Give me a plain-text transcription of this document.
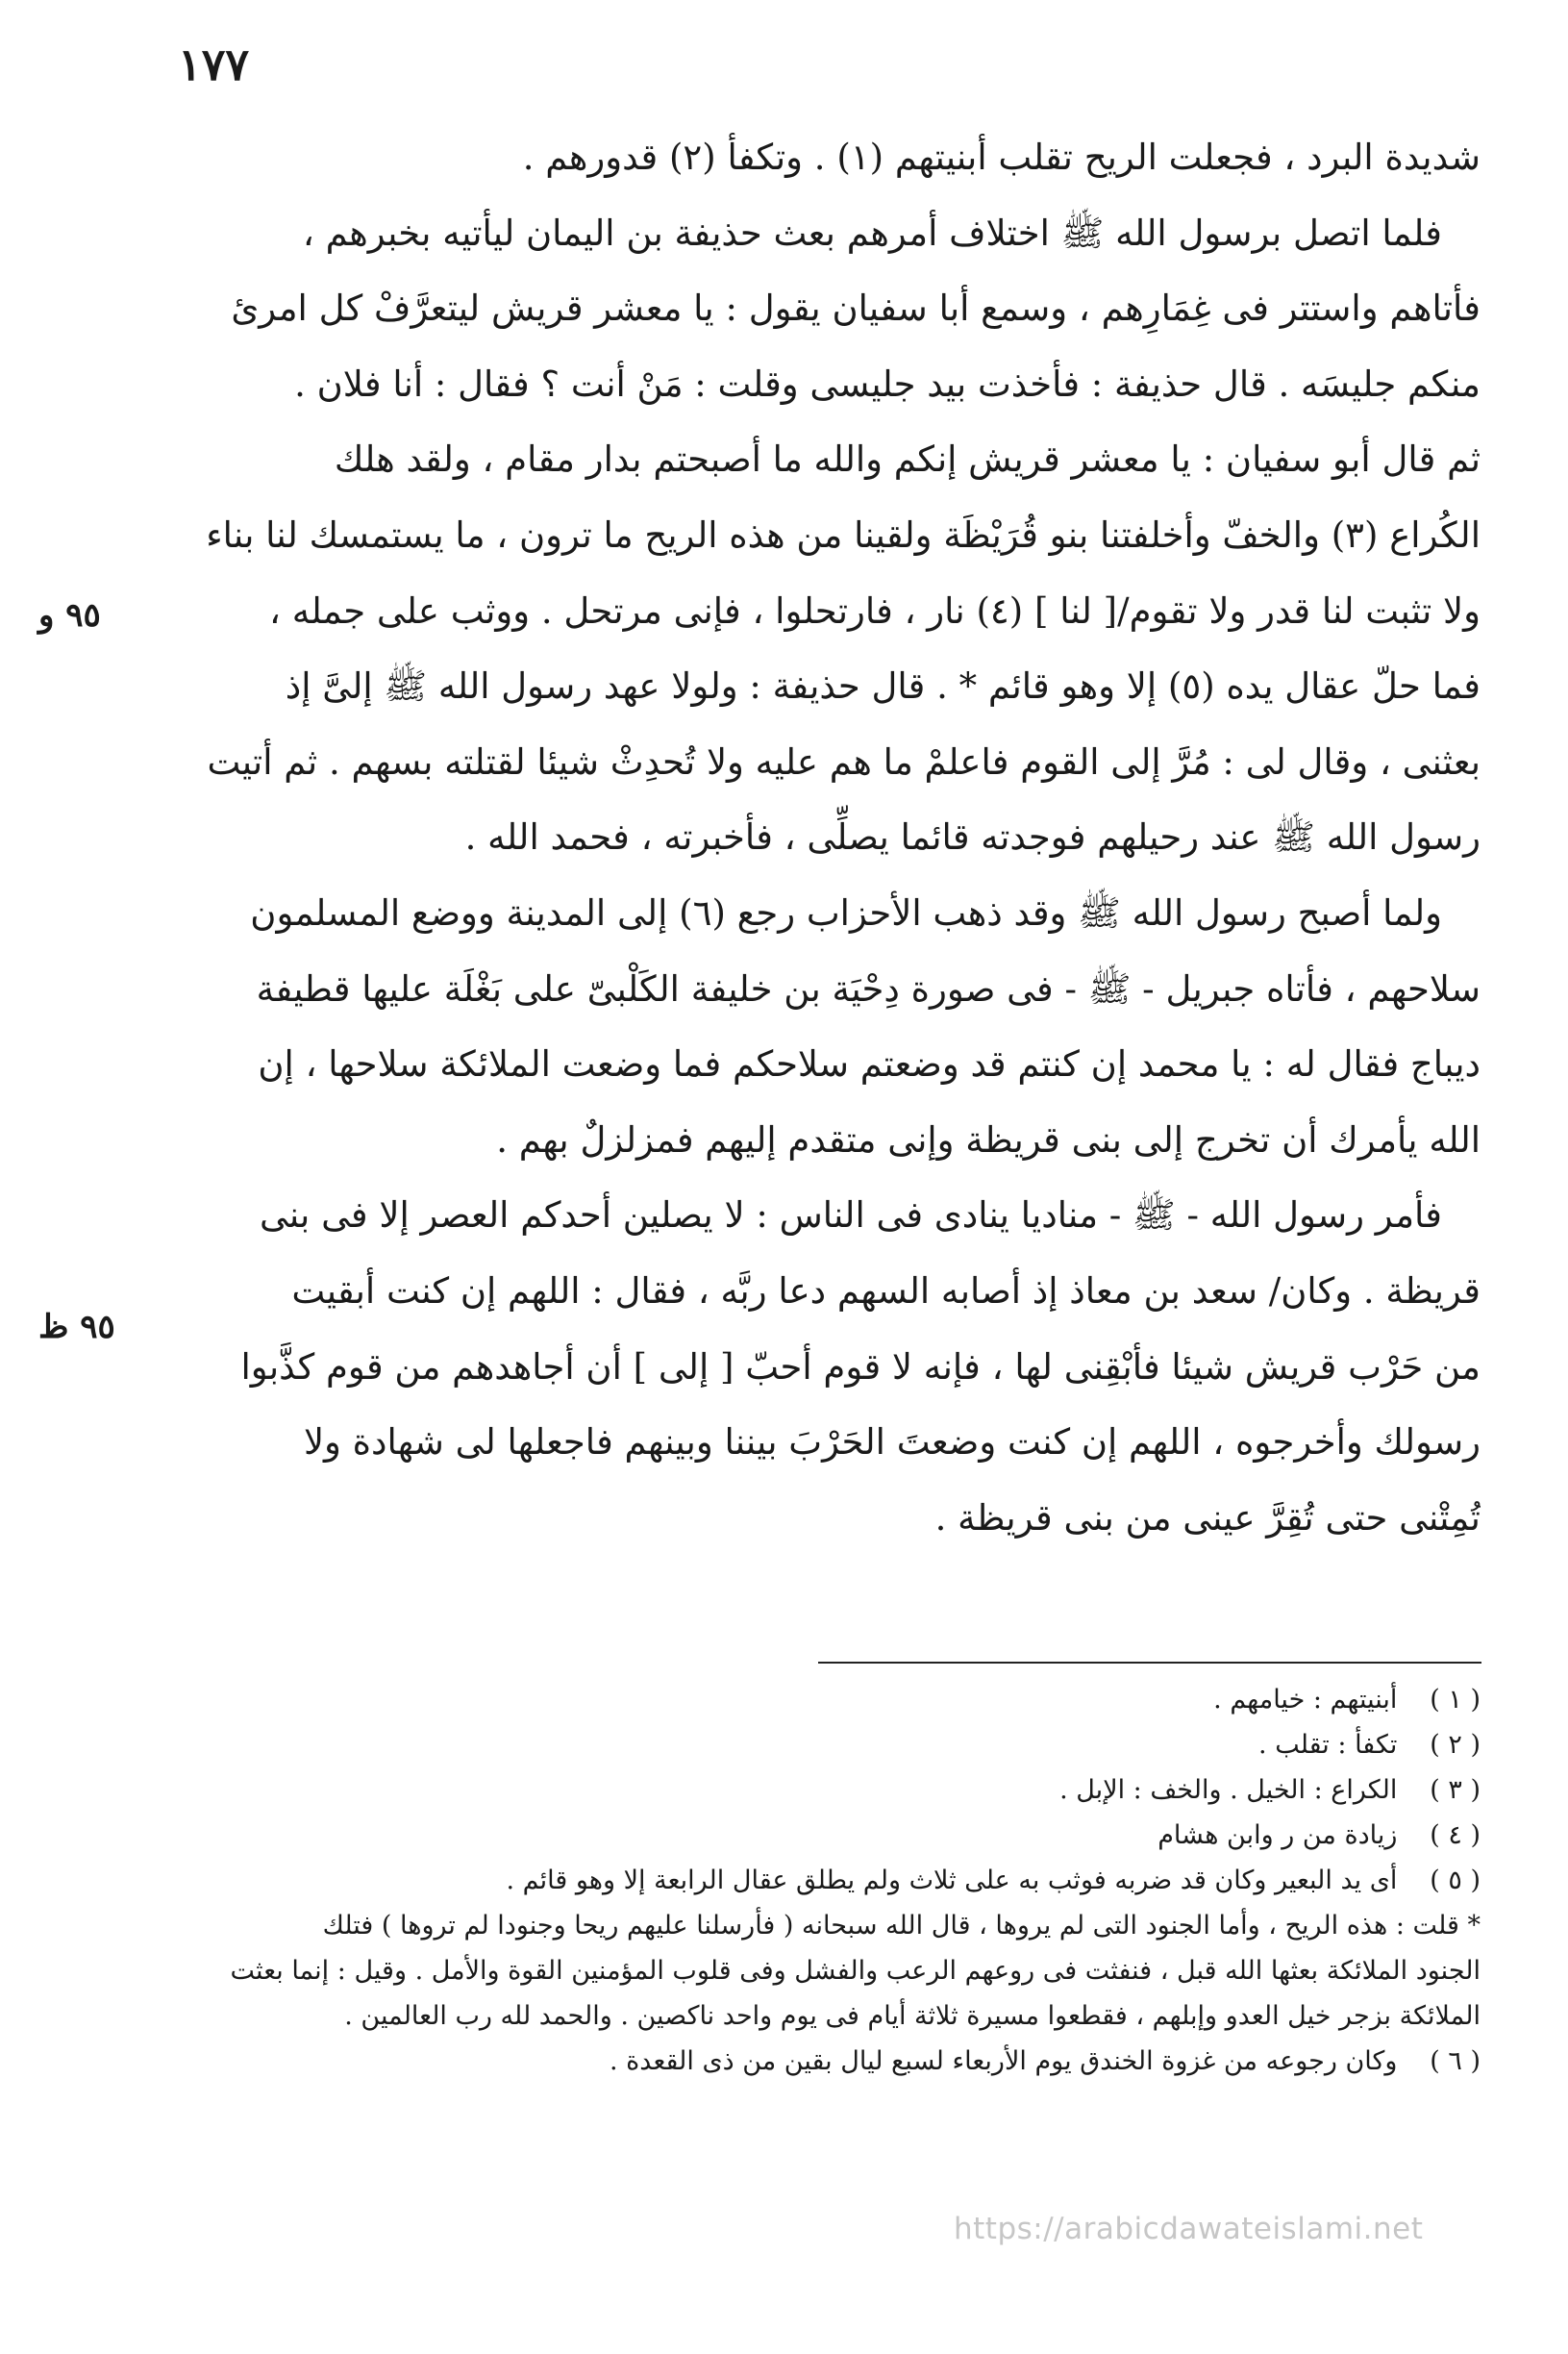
١٧٧
٩٥ و
٩٥ ظ
شديدة البرد ، فجعلت الريح تقلب أبنيتهم (١) . وتكفأ (٢) قدورهم .
فلما اتصل برسول الله ﷺ اختلاف أمرهم بعث حذيفة بن اليمان ليأتيه بخبرهم ،
فأتاهم واستتر فى غِمَارِهم ، وسمع أبا سفيان يقول : يا معشر قريش ليتعرَّفْ كل امرئ
منكم جليسَه . قال حذيفة : فأخذت بيد جليسى وقلت : مَنْ أنت ؟ فقال : أنا فلان .
ثم قال أبو سفيان : يا معشر قريش إنكم والله ما أصبحتم بدار مقام ، ولقد هلك
الكُراع (٣) والخفّ وأخلفتنا بنو قُرَيْظَة ولقينا من هذه الريح ما ترون ، ما يستمسك لنا بناء
ولا تثبت لنا قدر ولا تقوم/[ لنا ] (٤) نار ، فارتحلوا ، فإنى مرتحل . ووثب على جمله ،
فما حلّ عقال يده (٥) إلا وهو قائم * . قال حذيفة : ولولا عهد رسول الله ﷺ إلىَّ إذ
بعثنى ، وقال لى : مُرَّ إلى القوم فاعلمْ ما هم عليه ولا تُحدِثْ شيئا لقتلته بسهم . ثم أتيت
رسول الله ﷺ عند رحيلهم فوجدته قائما يصلِّى ، فأخبرته ، فحمد الله .
ولما أصبح رسول الله ﷺ وقد ذهب الأحزاب رجع (٦) إلى المدينة ووضع المسلمون
سلاحهم ، فأتاه جبريل - ﷺ - فى صورة دِحْيَة بن خليفة الكَلْبىّ على بَغْلَة عليها قطيفة
ديباج فقال له : يا محمد إن كنتم قد وضعتم سلاحكم فما وضعت الملائكة سلاحها ، إن
الله يأمرك أن تخرج إلى بنى قريظة وإنى متقدم إليهم فمزلزلٌ بهم .
فأمر رسول الله - ﷺ - مناديا ينادى فى الناس : لا يصلين أحدكم العصر إلا فى بنى
قريظة . وكان/ سعد بن معاذ إذ أصابه السهم دعا ربَّه ، فقال : اللهم إن كنت أبقيت
من حَرْب قريش شيئا فأبْقِنى لها ، فإنه لا قوم أحبّ [ إلى ] أن أجاهدهم من قوم كذَّبوا
رسولك وأخرجوه ، اللهم إن كنت وضعتَ الحَرْبَ بيننا وبينهم فاجعلها لى شهادة ولا
تُمِتْنى حتى تُقِرَّ عينى من بنى قريظة .
( ١ ) أبنيتهم : خيامهم .
( ٢ ) تكفأ : تقلب .
( ٣ ) الكراع : الخيل . والخف : الإبل .
( ٤ ) زيادة من ر وابن هشام
( ٥ ) أى يد البعير وكان قد ضربه فوثب به على ثلاث ولم يطلق عقال الرابعة إلا وهو قائم .
* قلت : هذه الريح ، وأما الجنود التى لم يروها ، قال الله سبحانه ( فأرسلنا عليهم ريحا وجنودا لم تروها ) فتلك
الجنود الملائكة بعثها الله قبل ، فنفثت فى روعهم الرعب والفشل وفى قلوب المؤمنين القوة والأمل . وقيل : إنما بعثت
الملائكة بزجر خيل العدو وإبلهم ، فقطعوا مسيرة ثلاثة أيام فى يوم واحد ناكصين . والحمد لله رب العالمين .
( ٦ ) وكان رجوعه من غزوة الخندق يوم الأربعاء لسبع ليال بقين من ذى القعدة .
https://arabicdawateislami.net
